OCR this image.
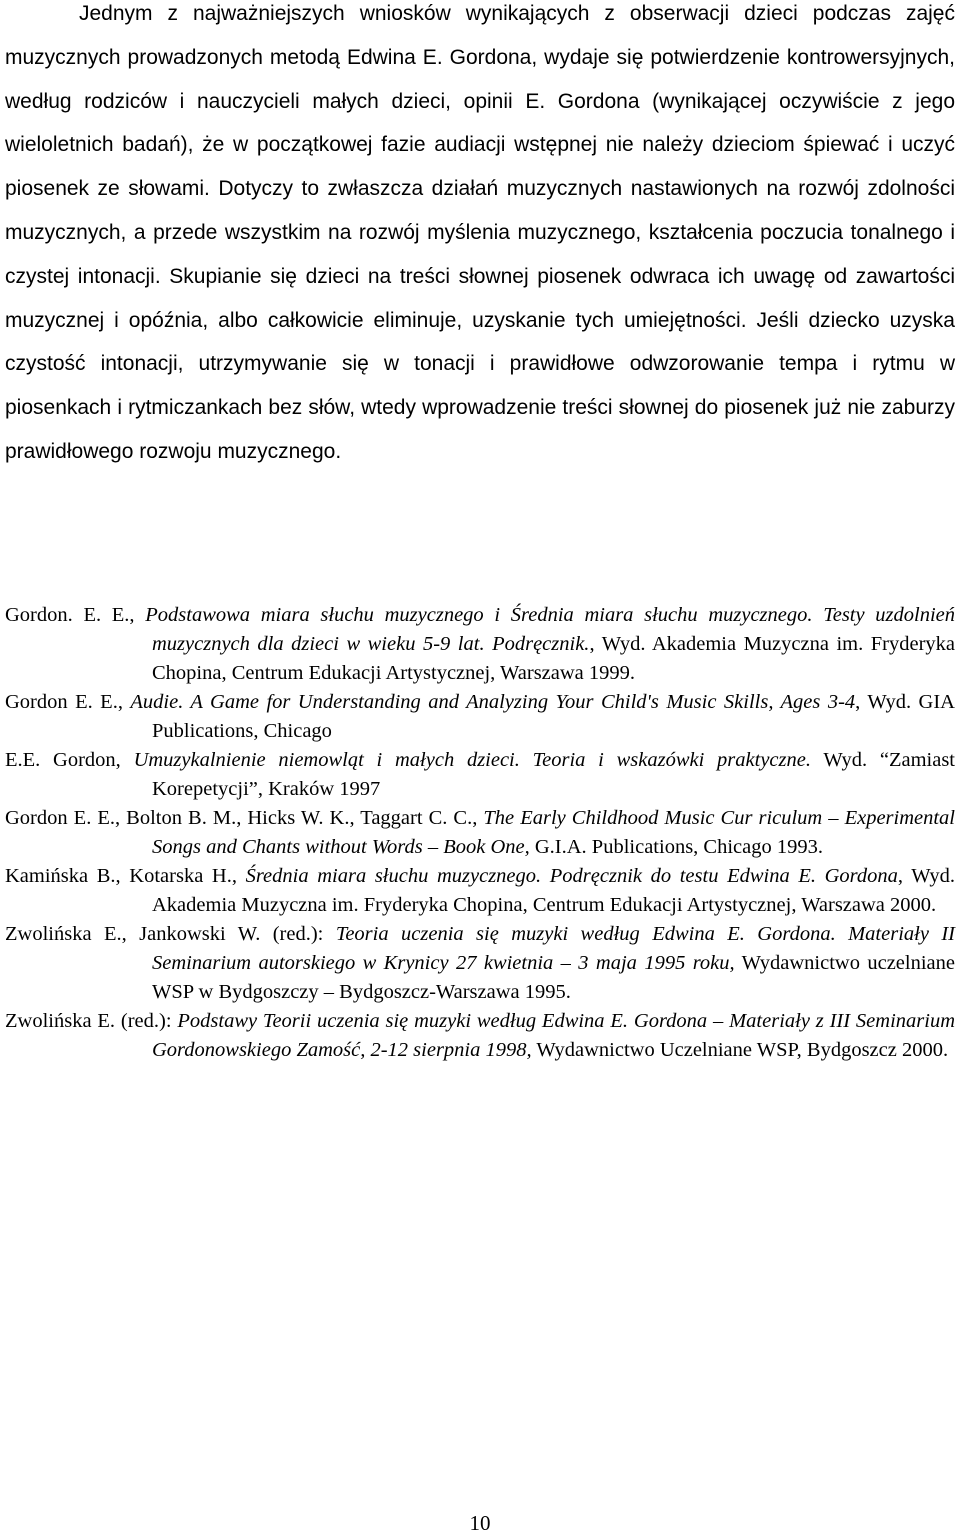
Jednym z najważniejszych wniosków wynikających z obserwacji dzieci podczas zajęć muzycznych prowadzonych metodą Edwina E. Gordona, wydaje się potwierdzenie kontrowersyjnych, według rodziców i nauczycieli małych dzieci, opinii E. Gordona (wynikającej oczywiście z jego wieloletnich badań), że w początkowej fazie audiacji wstępnej nie należy dzieciom śpiewać i uczyć piosenek ze słowami. Dotyczy to zwłaszcza działań muzycznych nastawionych na rozwój zdolności muzycznych, a przede wszystkim na rozwój myślenia muzycznego, kształcenia poczucia tonalnego i czystej intonacji. Skupianie się dzieci na treści słownej piosenek odwraca ich uwagę od zawartości muzycznej i opóźnia, albo całkowicie eliminuje, uzyskanie tych umiejętności. Jeśli dziecko uzyska czystość intonacji, utrzymywanie się w tonacji i prawidłowe odwzorowanie tempa i rytmu w piosenkach i rytmiczankach bez słów, wtedy wprowadzenie treści słownej do piosenek już nie zaburzy prawidłowego rozwoju muzycznego.

Gordon. E. E., Podstawowa miara słuchu muzycznego i Średnia miara słuchu muzycznego. Testy uzdolnień muzycznych dla dzieci w wieku 5-9 lat. Podręcznik., Wyd. Akademia Muzyczna im. Fryderyka Chopina, Centrum Edukacji Artystycznej, Warszawa 1999.

Gordon E. E., Audie. A Game for Understanding and Analyzing Your Child's Music Skills, Ages 3-4, Wyd. GIA Publications, Chicago

E.E. Gordon, Umuzykalnienie niemowląt i małych dzieci. Teoria i wskazówki praktyczne. Wyd. “Zamiast Korepetycji”, Kraków 1997

Gordon E. E., Bolton B. M., Hicks W. K., Taggart C. C., The Early Childhood Music Cur riculum – Experimental Songs and Chants without Words – Book One, G.I.A. Publications, Chicago 1993.

Kamińska B., Kotarska H., Średnia miara słuchu muzycznego. Podręcznik do testu Edwina E. Gordona, Wyd. Akademia Muzyczna im. Fryderyka Chopina, Centrum Edukacji Artystycznej, Warszawa 2000.

Zwolińska E., Jankowski W. (red.): Teoria uczenia się muzyki według Edwina E. Gordona. Materiały II Seminarium autorskiego w Krynicy 27 kwietnia – 3 maja 1995 roku, Wydawnictwo uczelniane WSP w Bydgoszczy – Bydgoszcz-Warszawa 1995.

Zwolińska E. (red.): Podstawy Teorii uczenia się muzyki według Edwina E. Gordona – Materiały z III Seminarium Gordonowskiego Zamość, 2-12 sierpnia 1998, Wydawnictwo Uczelniane WSP, Bydgoszcz 2000.

10
